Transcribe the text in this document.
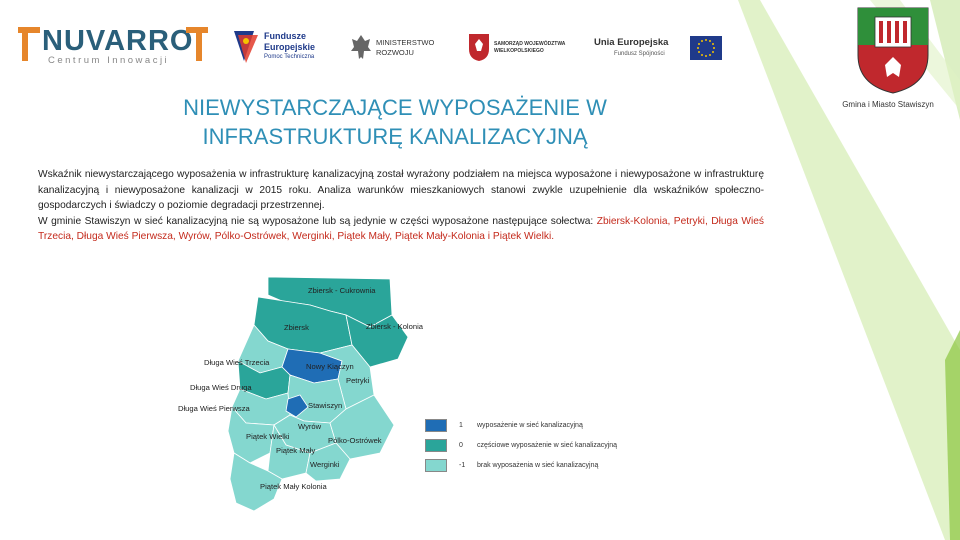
NUVARRO
Centrum Innowacji
Fundusze
Europejskie
Pomoc Techniczna
MINISTERSTWO
ROZWOJU
SAMORZĄD WOJEWÓDZTWA
WIELKOPOLSKIEGO
Unia Europejska
Fundusz Spójności
Gmina i Miasto Stawiszyn
NIEWYSTARCZAJĄCE WYPOSAŻENIE W
INFRASTRUKTURĘ KANALIZACYJNĄ

Wskaźnik niewystarczającego wyposażenia w infrastrukturę kanalizacyjną został wyrażony podziałem na miejsca wyposażone i niewyposażone w infrastrukturę kanalizacyjną i niewyposażone kanalizacji w 2015 roku. Analiza warunków mieszkaniowych stanowi zwykle uzupełnienie dla wskaźników społeczno-gospodarczych i świadczy o poziomie degradacji przestrzennej.

W gminie Stawiszyn w sieć kanalizacyjną nie są wyposażone lub są jedynie w części wyposażone następujące sołectwa: Zbiersk-Kolonia, Petryki, Długa Wieś Trzecia, Długa Wieś Pierwsza, Wyrów, Pólko-Ostrówek, Werginki, Piątek Mały, Piątek Mały-Kolonia i Piątek Wielki.

Zbiersk - Cukrownia
Zbiersk	Zbiersk - Kolonia
Długa Wieś Trzecia	Nowy Kiączyn
Petryki
Długa Wieś Druga
Długa Wieś Pierwsza	Stawiszyn
Wyrów
Piątek Wielki	Pólko-Ostrówek
Piątek Mały
Werginki
Piątek Mały Kolonia
1	wyposażenie w sieć kanalizacyjną
0	częściowe wyposażenie w sieć kanalizacyjną
-1	brak wyposażenia w sieć kanalizacyjną
